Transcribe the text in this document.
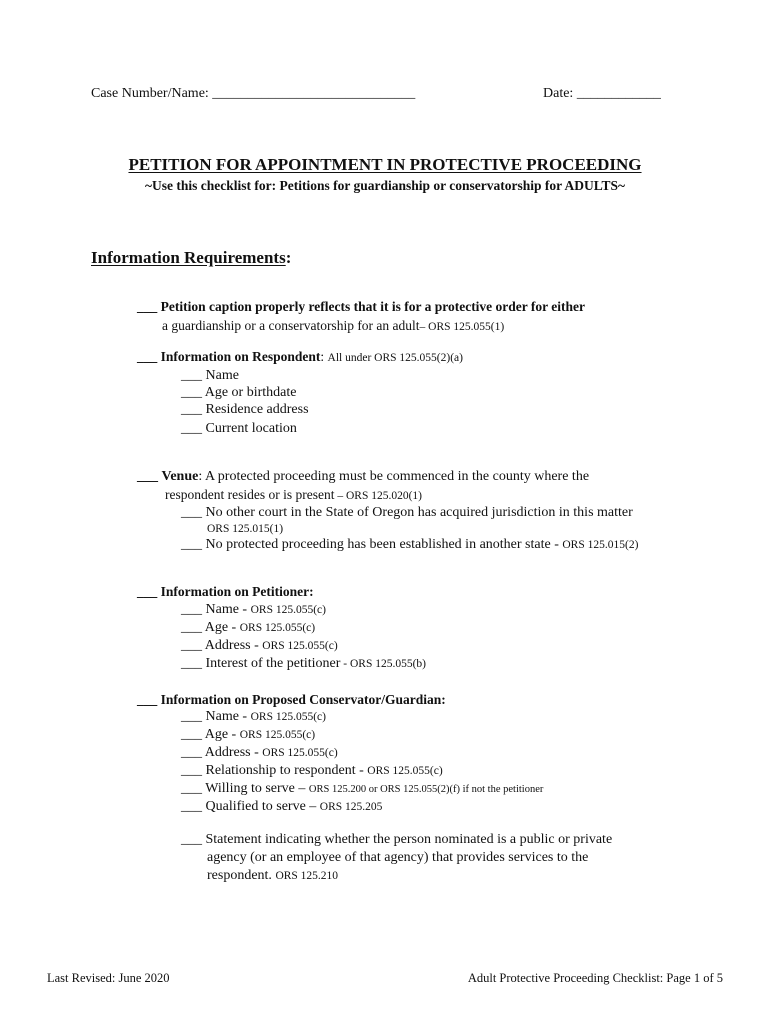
Case Number/Name: _____________________________	Date: ____________
PETITION FOR APPOINTMENT IN PROTECTIVE PROCEEDING
~Use this checklist for: Petitions for guardianship or conservatorship for ADULTS~
Information Requirements:
___ Petition caption properly reflects that it is for a protective order for either
a guardianship or a conservatorship for an adult– ORS 125.055(1)
___ Information on Respondent: All under ORS 125.055(2)(a)
___ Name
___ Age or birthdate
___ Residence address
___ Current location
___ Venue: A protected proceeding must be commenced in the county where the
respondent resides or is present – ORS 125.020(1)
___ No other court in the State of Oregon has acquired jurisdiction in this matter
ORS 125.015(1)
___ No protected proceeding has been established in another state - ORS 125.015(2)
___ Information on Petitioner:
___ Name - ORS 125.055(c)
___ Age - ORS 125.055(c)
___ Address - ORS 125.055(c)
___ Interest of the petitioner - ORS 125.055(b)
___ Information on Proposed Conservator/Guardian:
___ Name - ORS 125.055(c)
___ Age - ORS 125.055(c)
___ Address - ORS 125.055(c)
___ Relationship to respondent - ORS 125.055(c)
___ Willing to serve – ORS 125.200 or ORS 125.055(2)(f) if not the petitioner
___ Qualified to serve – ORS 125.205
___ Statement indicating whether the person nominated is a public or private
agency (or an employee of that agency) that provides services to the
respondent. ORS 125.210
Last Revised: June 2020	Adult Protective Proceeding Checklist: Page 1 of 5
